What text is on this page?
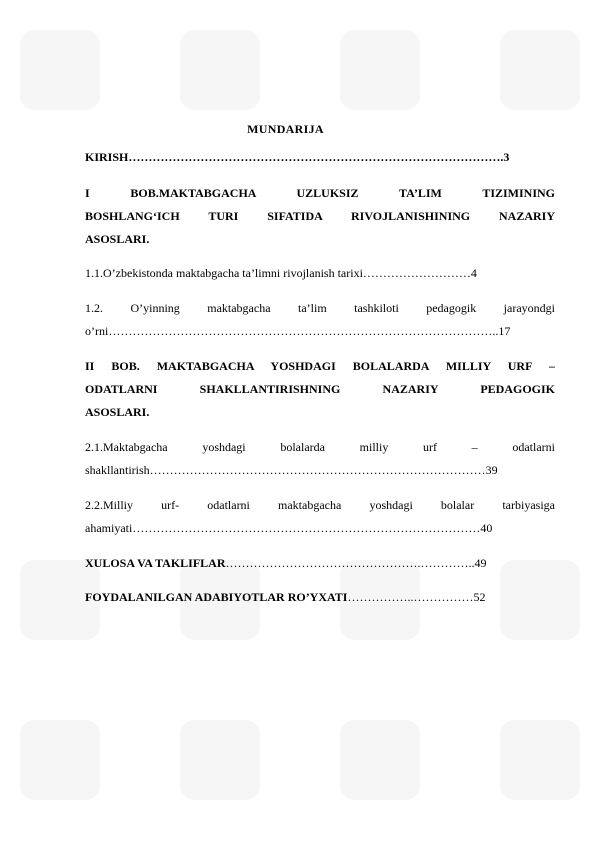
MUNDARIJA
KIRISH………………………………………………………………………………….3
I BOB.MAKTABGACHA UZLUKSIZ TA’LIM TIZIMINING
BOSHLANG‘ICH TURI SIFATIDA RIVOJLANISHINING NAZARIY
ASOSLARI.
1.1.O’zbekistonda maktabgacha ta’limni rivojlanish tarixi………………………4
1.2. O’yinning maktabgacha ta’lim tashkiloti pedagogik jarayondgi
o’rni……………………………………………………………………………………..17
II BOB. MAKTABGACHA YOSHDAGI BOLALARDA MILLIY URF –
ODATLARNI SHAKLLANTIRISHNING NAZARIY PEDAGOGIK
ASOSLARI.
2.1.Maktabgacha yoshdagi bolalarda milliy urf – odatlarni
shakllantirish…………………………………………………………………………39
2.2.Milliy urf- odatlarni maktabgacha yoshdagi bolalar tarbiyasiga
ahamiyati……………………………………………………………………………40
XULOSA VA TAKLIFLAR………………………………………….…………..49
FOYDALANILGAN ADABIYOTLAR RO’YXATI……………..……………52
